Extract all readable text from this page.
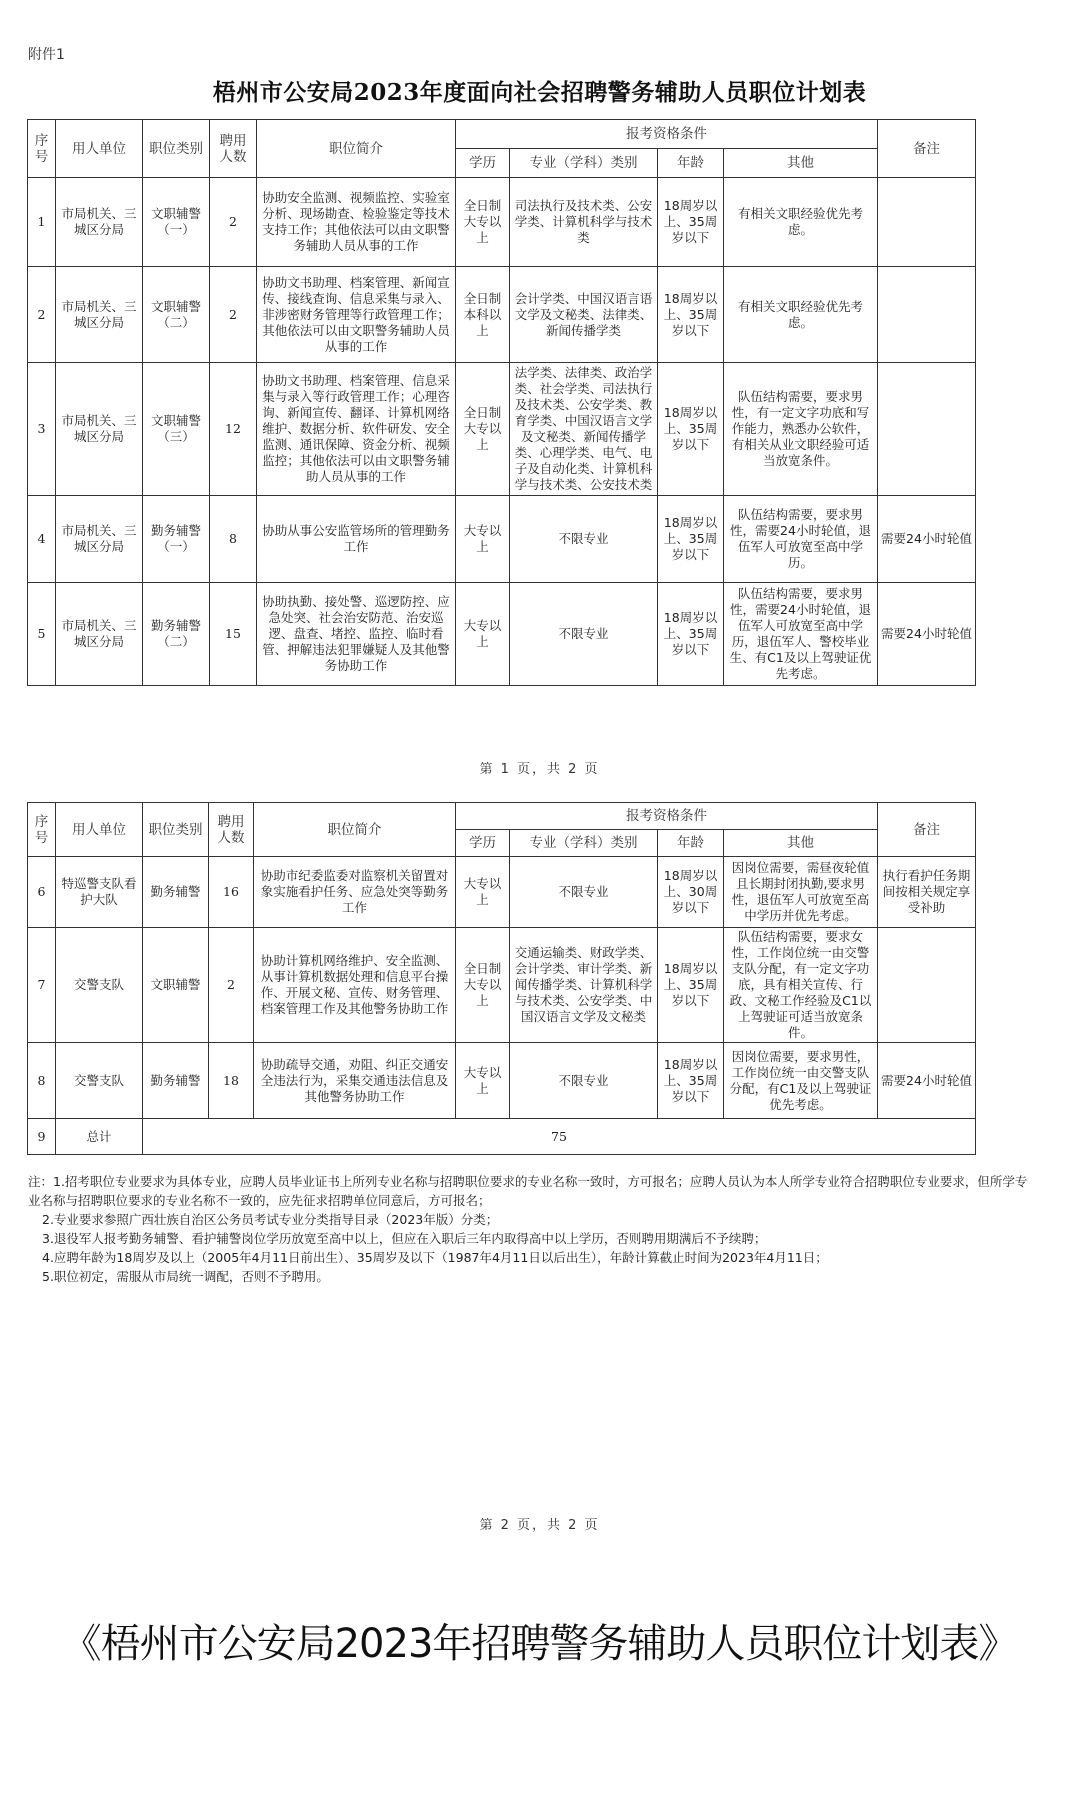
附件1
梧州市公安局2023年度面向社会招聘警务辅助人员职位计划表
序号	用人单位	职位类别	聘用人数	职位简介	报考资格条件				备注
					学历	专业（学科）类别	年龄	其他	
1	市局机关、三城区分局	文职辅警（一）	2	协助安全监测、视频监控、实验室分析、现场勘查、检验鉴定等技术支持工作；其他依法可以由文职警务辅助人员从事的工作	全日制大专以上	司法执行及技术类、公安学类、计算机科学与技术类	18周岁以上、35周岁以下	有相关文职经验优先考虑。	
2	市局机关、三城区分局	文职辅警（二）	2	协助文书助理、档案管理、新闻宣传、接线查询、信息采集与录入、非涉密财务管理等行政管理工作；其他依法可以由文职警务辅助人员从事的工作	全日制本科以上	会计学类、中国汉语言语文学及文秘类、法律类、新闻传播学类	18周岁以上、35周岁以下	有相关文职经验优先考虑。	
3	市局机关、三城区分局	文职辅警（三）	12	协助文书助理、档案管理、信息采集与录入等行政管理工作；心理咨询、新闻宣传、翻译、计算机网络维护、数据分析、软件研发、安全监测、通讯保障、资金分析、视频监控；其他依法可以由文职警务辅助人员从事的工作	全日制大专以上	法学类、法律类、政治学类、社会学类、司法执行及技术类、公安学类、教育学类、中国汉语言文学及文秘类、新闻传播学类、心理学类、电气、电子及自动化类、计算机科学与技术类、公安技术类	18周岁以上、35周岁以下	队伍结构需要，要求男性，有一定文字功底和写作能力，熟悉办公软件，有相关从业文职经验可适当放宽条件。	
4	市局机关、三城区分局	勤务辅警（一）	8	协助从事公安监管场所的管理勤务工作	大专以上	不限专业	18周岁以上、35周岁以下	队伍结构需要，要求男性，需要24小时轮值，退伍军人可放宽至高中学历。	需要24小时轮值
5	市局机关、三城区分局	勤务辅警（二）	15	协助执勤、接处警、巡逻防控、应急处突、社会治安防范、治安巡逻、盘查、堵控、监控、临时看管、押解违法犯罪嫌疑人及其他警务协助工作	大专以上	不限专业	18周岁以上、35周岁以下	队伍结构需要，要求男性，需要24小时轮值，退伍军人可放宽至高中学历，退伍军人、警校毕业生、有C1及以上驾驶证优先考虑。	需要24小时轮值
第 1 页，共 2 页
序号	用人单位	职位类别	聘用人数	职位简介	报考资格条件				备注
					学历	专业（学科）类别	年龄	其他	
6	特巡警支队看护大队	勤务辅警	16	协助市纪委监委对监察机关留置对象实施看护任务、应急处突等勤务工作	大专以上	不限专业	18周岁以上、30周岁以下	因岗位需要，需昼夜轮值且长期封闭执勤,要求男性，退伍军人可放宽至高中学历并优先考虑。	执行看护任务期间按相关规定享受补助
7	交警支队	文职辅警	2	协助计算机网络维护、安全监测、从事计算机数据处理和信息平台操作、开展文秘、宣传、财务管理、档案管理工作及其他警务协助工作	全日制大专以上	交通运输类、财政学类、会计学类、审计学类、新闻传播学类、计算机科学与技术类、公安学类、中国汉语言文学及文秘类	18周岁以上、35周岁以下	队伍结构需要，要求女性，工作岗位统一由交警支队分配，有一定文字功底，具有相关宣传、行政、文秘工作经验及C1以上驾驶证可适当放宽条件。	
8	交警支队	勤务辅警	18	协助疏导交通，劝阻、纠正交通安全违法行为，采集交通违法信息及其他警务协助工作	大专以上	不限专业	18周岁以上、35周岁以下	因岗位需要，要求男性，工作岗位统一由交警支队分配，有C1及以上驾驶证优先考虑。	需要24小时轮值
9	总计	75							
注：1.招考职位专业要求为具体专业，应聘人员毕业证书上所列专业名称与招聘职位要求的专业名称一致时，方可报名；应聘人员认为本人所学专业符合招聘职位专业要求，但所学专业名称与招聘职位要求的专业名称不一致的，应先征求招聘单位同意后，方可报名；
2.专业要求参照广西壮族自治区公务员考试专业分类指导目录（2023年版）分类；
3.退役军人报考勤务辅警、看护辅警岗位学历放宽至高中以上，但应在入职后三年内取得高中以上学历，否则聘用期满后不予续聘；
4.应聘年龄为18周岁及以上（2005年4月11日前出生）、35周岁及以下（1987年4月11日以后出生），年龄计算截止时间为2023年4月11日；
5.职位初定，需服从市局统一调配，否则不予聘用。
第 2 页，共 2 页
《梧州市公安局2023年招聘警务辅助人员职位计划表》
